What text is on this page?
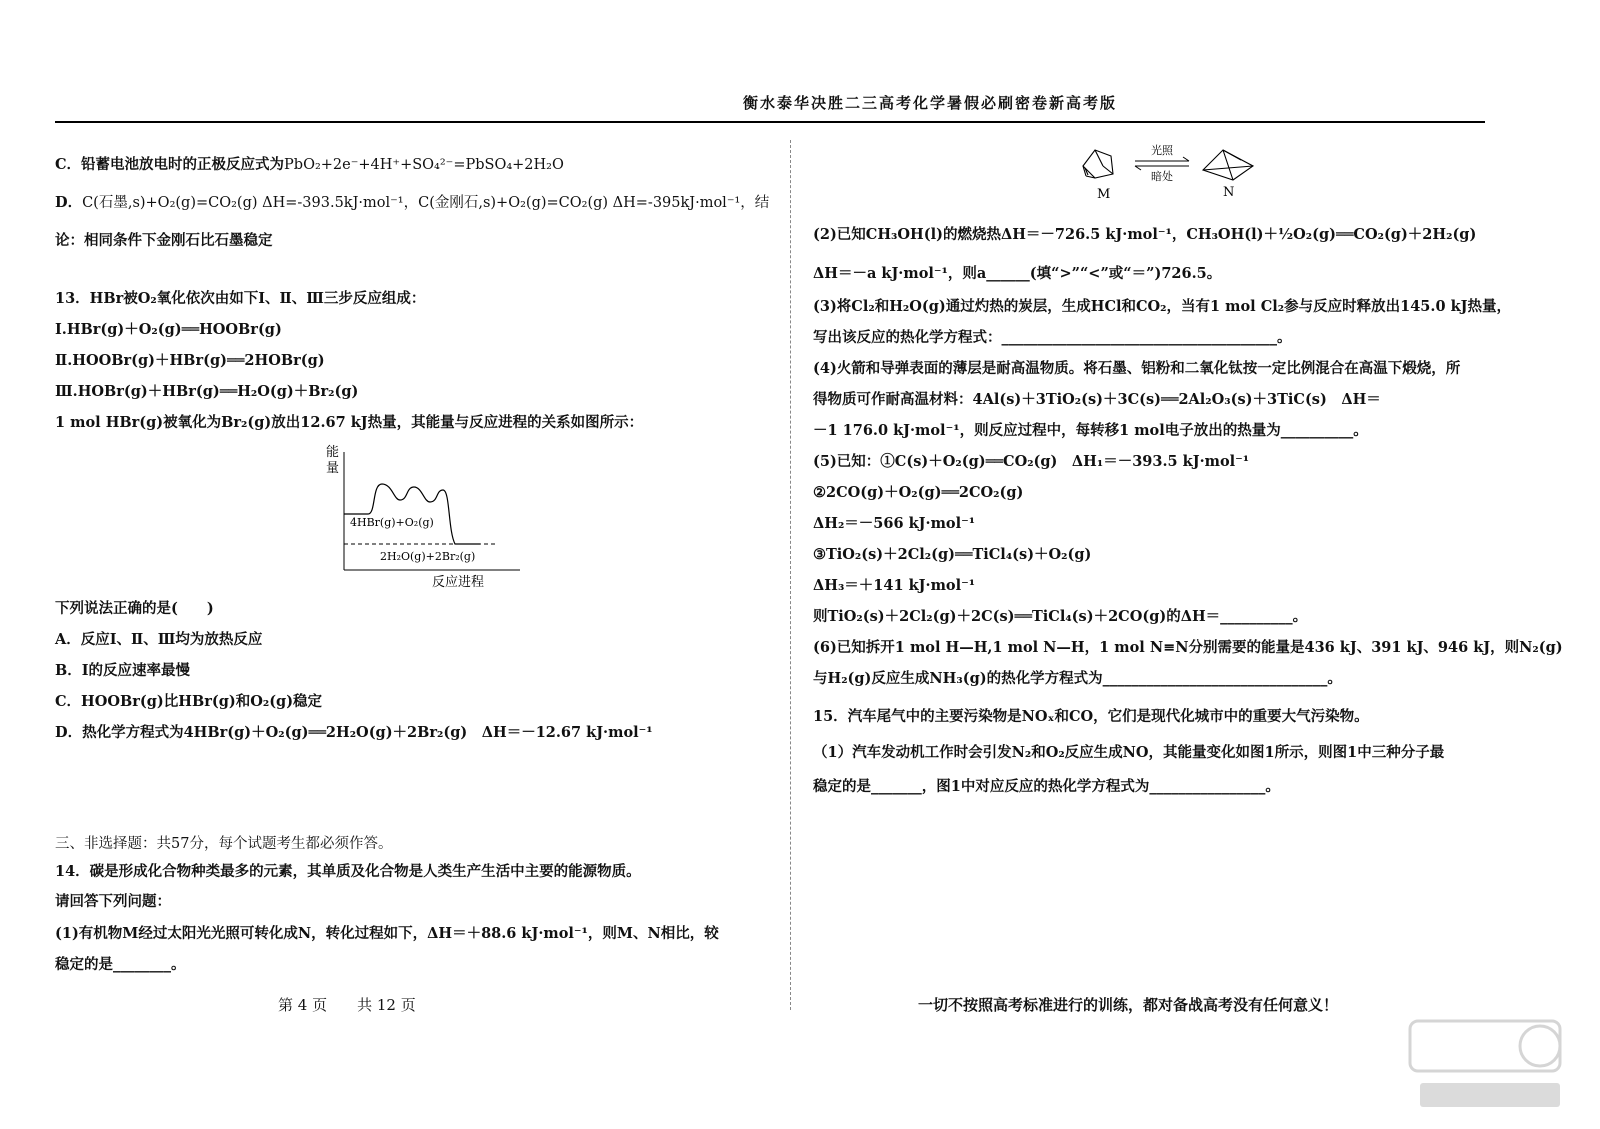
衡水泰华决胜二三高考化学暑假必刷密卷新高考版
C．铅蓄电池放电时的正极反应式为PbO₂+2e⁻+4H⁺+SO₄²⁻=PbSO₄+2H₂O
D．C(石墨,s)+O₂(g)=CO₂(g) ΔH=-393.5kJ·mol⁻¹，C(金刚石,s)+O₂(g)=CO₂(g) ΔH=-395kJ·mol⁻¹，结
论：相同条件下金刚石比石墨稳定
13．HBr被O₂氧化依次由如下Ⅰ、Ⅱ、Ⅲ三步反应组成：
Ⅰ.HBr(g)＋O₂(g)══HOOBr(g)
Ⅱ.HOOBr(g)＋HBr(g)══2HOBr(g)
Ⅲ.HOBr(g)＋HBr(g)══H₂O(g)＋Br₂(g)
1 mol HBr(g)被氧化为Br₂(g)放出12.67 kJ热量，其能量与反应进程的关系如图所示：
能
量
4HBr(g)+O₂(g)
2H₂O(g)+2Br₂(g)
反应进程
下列说法正确的是(　　)
A．反应Ⅰ、Ⅱ、Ⅲ均为放热反应
B．Ⅰ的反应速率最慢
C．HOOBr(g)比HBr(g)和O₂(g)稳定
D．热化学方程式为4HBr(g)＋O₂(g)══2H₂O(g)＋2Br₂(g)　ΔH＝－12.67 kJ·mol⁻¹
三、非选择题：共57分，每个试题考生都必须作答。
14．碳是形成化合物种类最多的元素，其单质及化合物是人类生产生活中主要的能源物质。
请回答下列问题：
(1)有机物M经过太阳光光照可转化成N，转化过程如下，ΔH＝＋88.6 kJ·mol⁻¹，则M、N相比，较
稳定的是________。
M
光照
暗处
N
(2)已知CH₃OH(l)的燃烧热ΔH＝－726.5 kJ·mol⁻¹，CH₃OH(l)＋½O₂(g)══CO₂(g)＋2H₂(g)
ΔH＝－a kJ·mol⁻¹，则a______(填“>”“<”或“＝”)726.5。
(3)将Cl₂和H₂O(g)通过灼热的炭层，生成HCl和CO₂，当有1 mol Cl₂参与反应时释放出145.0 kJ热量，
写出该反应的热化学方程式：______________________________________。
(4)火箭和导弹表面的薄层是耐高温物质。将石墨、铝粉和二氧化钛按一定比例混合在高温下煅烧，所
得物质可作耐高温材料：4Al(s)＋3TiO₂(s)＋3C(s)══2Al₂O₃(s)＋3TiC(s)　ΔH＝
－1 176.0 kJ·mol⁻¹，则反应过程中，每转移1 mol电子放出的热量为__________。
(5)已知：①C(s)＋O₂(g)══CO₂(g)　ΔH₁＝－393.5 kJ·mol⁻¹
②2CO(g)＋O₂(g)══2CO₂(g)
ΔH₂＝－566 kJ·mol⁻¹
③TiO₂(s)＋2Cl₂(g)══TiCl₄(s)＋O₂(g)
ΔH₃＝＋141 kJ·mol⁻¹
则TiO₂(s)＋2Cl₂(g)＋2C(s)══TiCl₄(s)＋2CO(g)的ΔH＝__________。
(6)已知拆开1 mol H—H,1 mol N—H，1 mol N≡N分别需要的能量是436 kJ、391 kJ、946 kJ，则N₂(g)
与H₂(g)反应生成NH₃(g)的热化学方程式为_______________________________。
15．汽车尾气中的主要污染物是NOₓ和CO，它们是现代化城市中的重要大气污染物。
（1）汽车发动机工作时会引发N₂和O₂反应生成NO，其能量变化如图1所示，则图1中三种分子最
稳定的是_______，图1中对应反应的热化学方程式为________________。
第 4 页　　共 12 页	一切不按照高考标准进行的训练，都对备战高考没有任何意义！
